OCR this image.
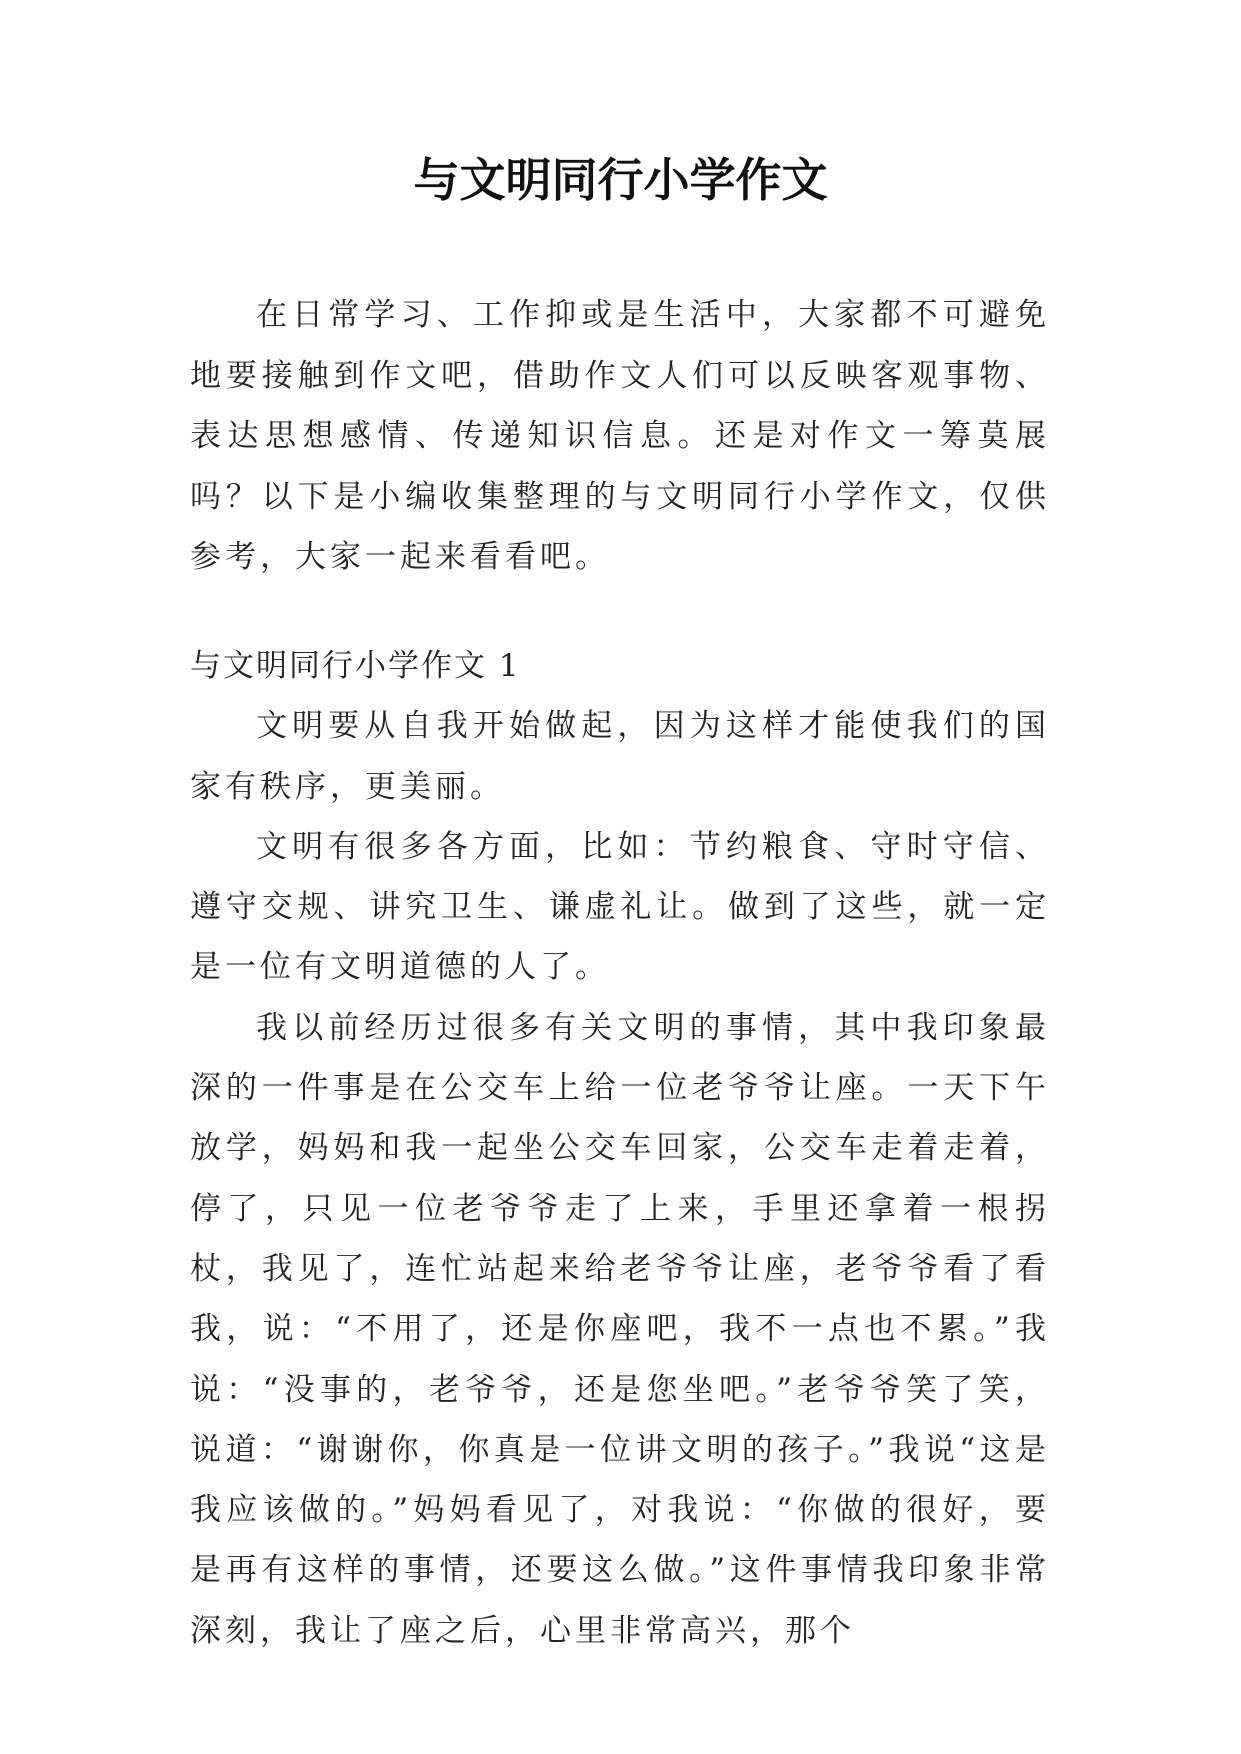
与文明同行小学作文

在日常学习、工作抑或是生活中，大家都不可避免地要接触到作文吧，借助作文人们可以反映客观事物、表达思想感情、传递知识信息。还是对作文一筹莫展吗？以下是小编收集整理的与文明同行小学作文，仅供参考，大家一起来看看吧。

与文明同行小学作文 1

文明要从自我开始做起，因为这样才能使我们的国家有秩序，更美丽。

文明有很多各方面，比如：节约粮食、守时守信、遵守交规、讲究卫生、谦虚礼让。做到了这些，就一定是一位有文明道德的人了。

我以前经历过很多有关文明的事情，其中我印象最深的一件事是在公交车上给一位老爷爷让座。一天下午放学，妈妈和我一起坐公交车回家，公交车走着走着，停了，只见一位老爷爷走了上来，手里还拿着一根拐杖，我见了，连忙站起来给老爷爷让座，老爷爷看了看我，说：“不用了，还是你座吧，我不一点也不累。”我说：“没事的，老爷爷，还是您坐吧。”老爷爷笑了笑，说道：“谢谢你，你真是一位讲文明的孩子。”我说“这是我应该做的。”妈妈看见了，对我说：“你做的很好，要是再有这样的事情，还要这么做。”这件事情我印象非常深刻，我让了座之后，心里非常高兴，那个
